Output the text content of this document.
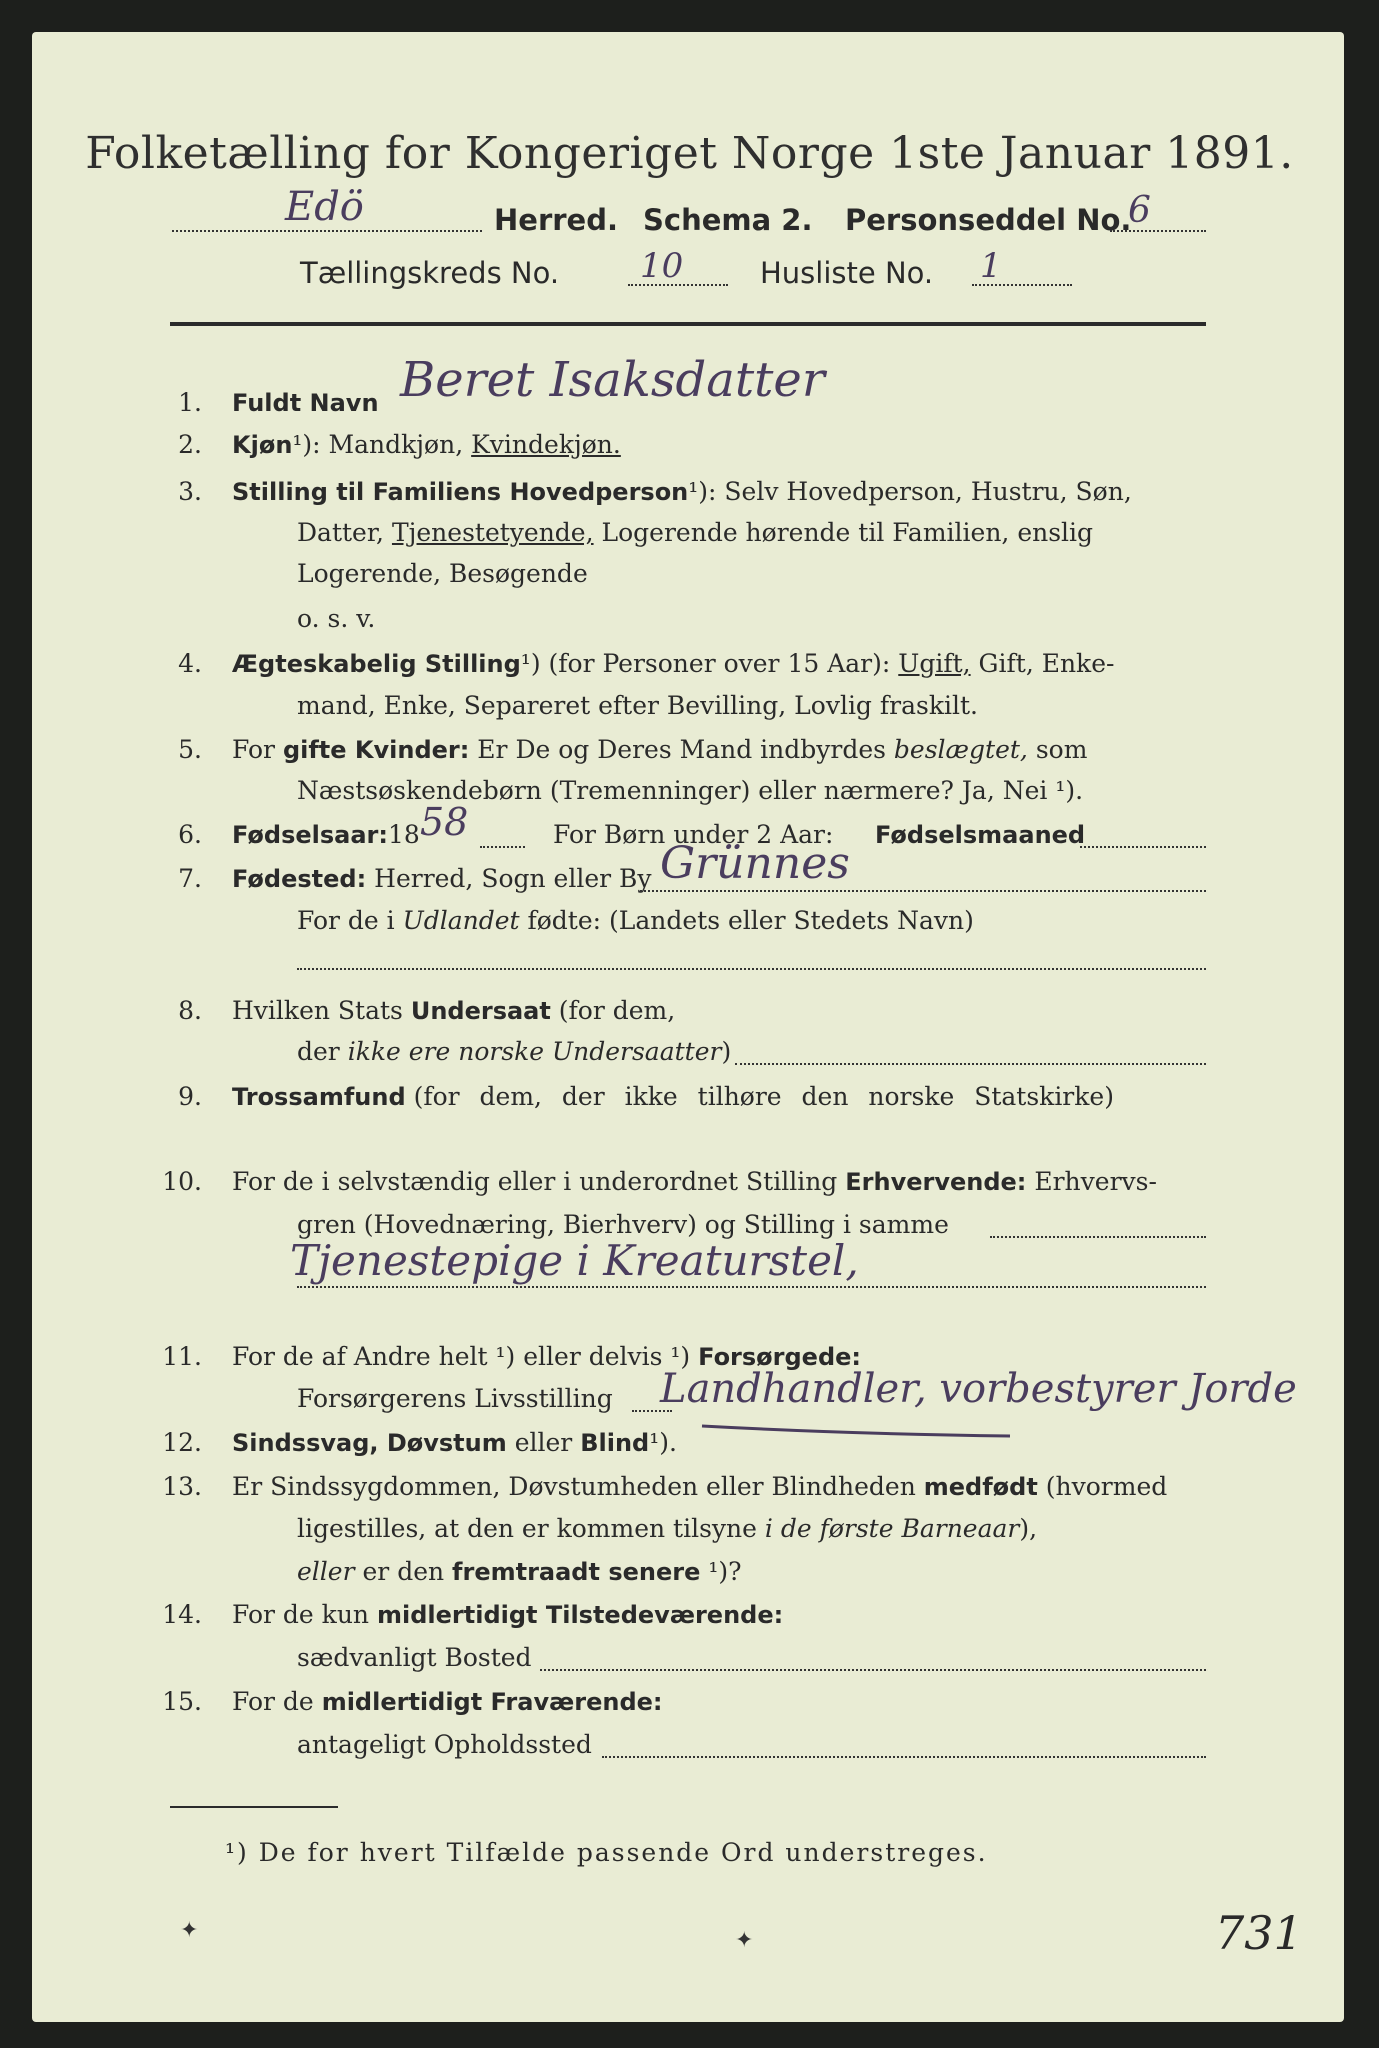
Folketælling for Kongeriget Norge 1ste Januar 1891.
Edö	Herred. Schema 2. Personseddel No.
6
Tællingskreds No. 10	Husliste No. 1
1. Fuldt Navn Beret Isaksdatter
2. Kjøn¹): Mandkjøn, Kvindekjøn.
3. Stilling til Familiens Hovedperson¹): Selv Hovedperson, Hustru, Søn,
Datter, Tjenestetyende, Logerende hørende til Familien, enslig
Logerende, Besøgende
o. s. v.
4. Ægteskabelig Stilling¹) (for Personer over 15 Aar): Ugift, Gift, Enke-
mand, Enke, Separeret efter Bevilling, Lovlig fraskilt.
5. For gifte Kvinder: Er De og Deres Mand indbyrdes beslægtet, som
Næstsøskendebørn (Tremenninger) eller nærmere? Ja, Nei ¹).
6. Fødselsaar: 18 58	For Børn under 2 Aar: Fødselsmaaned
7. Fødested: Herred, Sogn eller By Grünnes
For de i Udlandet fødte: (Landets eller Stedets Navn)
8. Hvilken Stats Undersaat (for dem,
der ikke ere norske Undersaatter)
9. Trossamfund (for dem, der ikke tilhøre den norske Statskirke)
10. For de i selvstændig eller i underordnet Stilling Erhvervende: Erhvervs-
gren (Hovednæring, Bierhverv) og Stilling i samme
Tjenestepige i Kreaturstel,
11. For de af Andre helt ¹) eller delvis ¹) Forsørgede:
Forsørgerens Livsstilling Landhandler, vorbestyrer Jorde
12. Sindssvag, Døvstum eller Blind¹).
13. Er Sindssygdommen, Døvstumheden eller Blindheden medfødt (hvormed
ligestilles, at den er kommen tilsyne i de første Barneaar),
eller er den fremtraadt senere ¹)?
14. For de kun midlertidigt Tilstedeværende:
sædvanligt Bosted
15. For de midlertidigt Fraværende:
antageligt Opholdssted
¹) De for hvert Tilfælde passende Ord understreges.
✦	✦	731
